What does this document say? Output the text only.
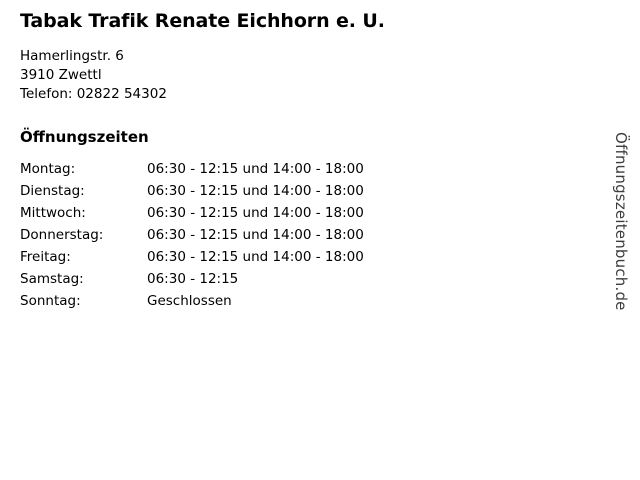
Tabak Trafik Renate Eichhorn e. U.

Hamerlingstr. 6

3910 Zwettl

Telefon: 02822 54302

Öffnungszeiten
Montag:	06:30 - 12:15 und 14:00 - 18:00
Dienstag:	06:30 - 12:15 und 14:00 - 18:00
Mittwoch:	06:30 - 12:15 und 14:00 - 18:00
Donnerstag:	06:30 - 12:15 und 14:00 - 18:00
Freitag:	06:30 - 12:15 und 14:00 - 18:00
Samstag:	06:30 - 12:15
Sonntag:	Geschlossen	Öffnungszeitenbuch.de
